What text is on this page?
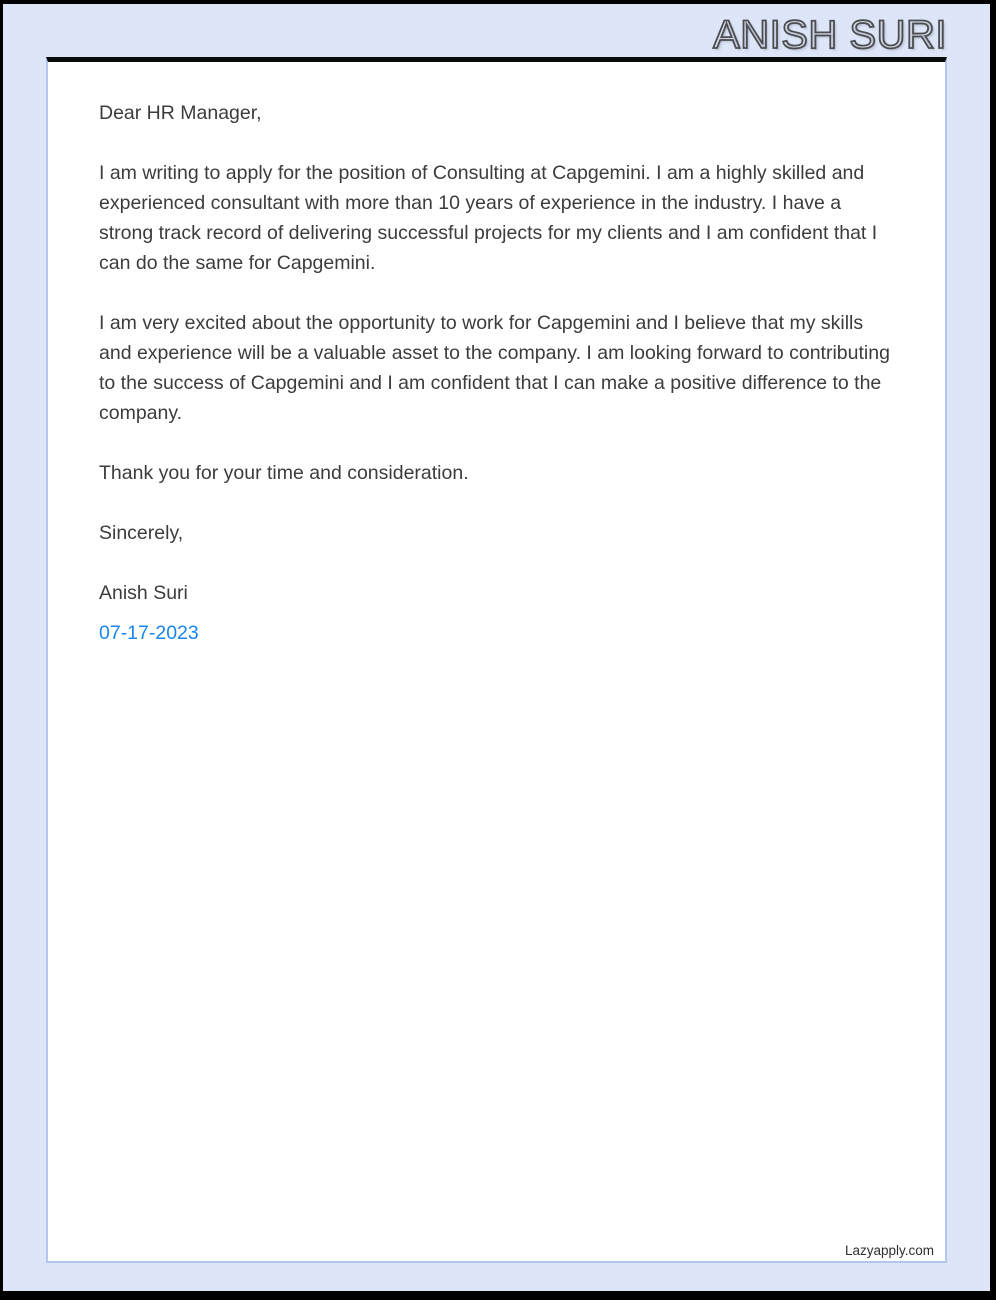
ANISH SURI

Dear HR Manager,

I am writing to apply for the position of Consulting at Capgemini. I am a highly skilled and experienced consultant with more than 10 years of experience in the industry. I have a strong track record of delivering successful projects for my clients and I am confident that I can do the same for Capgemini.

I am very excited about the opportunity to work for Capgemini and I believe that my skills and experience will be a valuable asset to the company. I am looking forward to contributing to the success of Capgemini and I am confident that I can make a positive difference to the company.

Thank you for your time and consideration.

Sincerely,

Anish Suri

07-17-2023

Lazyapply.com
